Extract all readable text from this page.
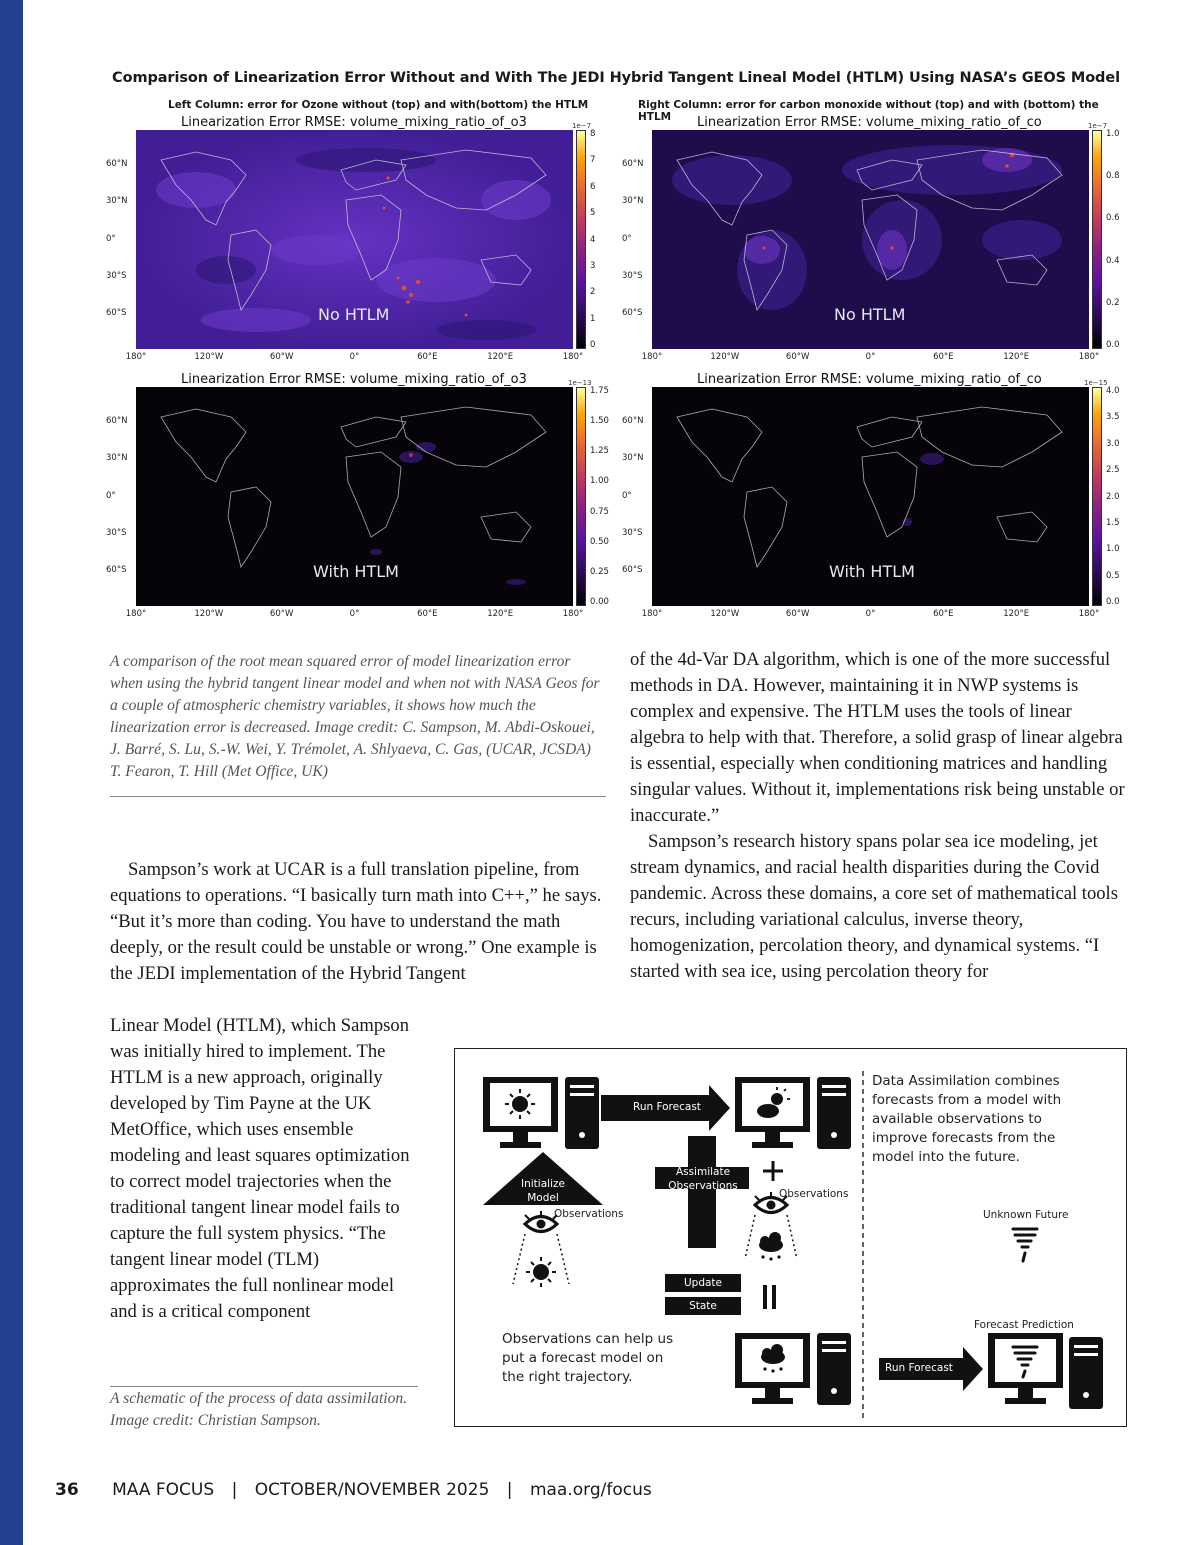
Comparison of Linearization Error Without and With The JEDI Hybrid Tangent Lineal Model (HTLM) Using NASA’s GEOS Model
Left Column: error for Ozone without (top) and with(bottom) the HTLM	Right Column: error for carbon monoxide without (top) and with (bottom) the HTLM
Linearization Error RMSE: volume_mixing_ratio_of_o3	1e−7
No HTLM
60°N
30°N
0°
30°S
60°S
180°	120°W	60°W	0°	60°E	120°E	180°
8
7
6
5
4
3
2
1
0
Linearization Error RMSE: volume_mixing_ratio_of_co	1e−7
No HTLM
60°N
30°N
0°
30°S
60°S
180°	120°W	60°W	0°	60°E	120°E	180°
1.0
0.8
0.6
0.4
0.2
0.0
Linearization Error RMSE: volume_mixing_ratio_of_o3	1e−13
With HTLM
60°N
30°N
0°
30°S
60°S
180°	120°W	60°W	0°	60°E	120°E	180°
1.75
1.50
1.25
1.00
0.75
0.50
0.25
0.00
Linearization Error RMSE: volume_mixing_ratio_of_co	1e−15
With HTLM
60°N
30°N
0°
30°S
60°S
180°	120°W	60°W	0°	60°E	120°E	180°
4.0
3.5
3.0
2.5
2.0
1.5
1.0
0.5
0.0
A comparison of the root mean squared error of model linearization error when using the hybrid tangent linear model and when not with NASA Geos for a couple of atmospheric chemistry variables, it shows how much the linearization error is decreased. Image credit: C. Sampson, M. Abdi-Oskouei, J. Barré, S. Lu, S.-W. Wei, Y. Trémolet, A. Shlyaeva, C. Gas, (UCAR, JCSDA) T. Fearon, T. Hill (Met Office, UK)

of the 4d-Var DA algorithm, which is one of the more successful methods in DA. However, maintaining it in NWP systems is complex and expensive. The HTLM uses the tools of linear algebra to help with that. Therefore, a solid grasp of linear algebra is essential, especially when conditioning matrices and handling singular values. Without it, implementations risk being unstable or inaccurate.”

Sampson’s research history spans polar sea ice modeling, jet stream dynamics, and racial health disparities during the Covid pandemic. Across these domains, a core set of mathematical tools recurs, including variational calculus, inverse theory, homogenization, percolation theory, and dynamical systems. “I started with sea ice, using percolation theory for

Sampson’s work at UCAR is a full translation pipeline, from equations to operations. “I basically turn math into C++,” he says. “But it’s more than coding. You have to understand the math deeply, or the result could be unstable or wrong.” One example is the JEDI implementation of the Hybrid Tangent
Linear Model (HTLM), which Sampson was initially hired to implement. The HTLM is a new approach, originally developed by Tim Payne at the UK MetOffice, which uses ensemble modeling and least squares optimization to correct model trajectories when the traditional tangent linear model fails to capture the full system physics. “The tangent linear model (TLM) approximates the full nonlinear model and is a critical component
A schematic of the process of data assimilation. Image credit: Christian Sampson.
Run Forecast
Run Forecast
Initialize Model
Assimilate Observations
Observations
Observations
Update
State
Unknown Future
Forecast Prediction
Data Assimilation combines forecasts from a model with available observations to improve forecasts from the model into the future.
Observations can help us put a forecast model on the right trajectory.
36 MAA FOCUS | OCTOBER/NOVEMBER 2025 | maa.org/focus
